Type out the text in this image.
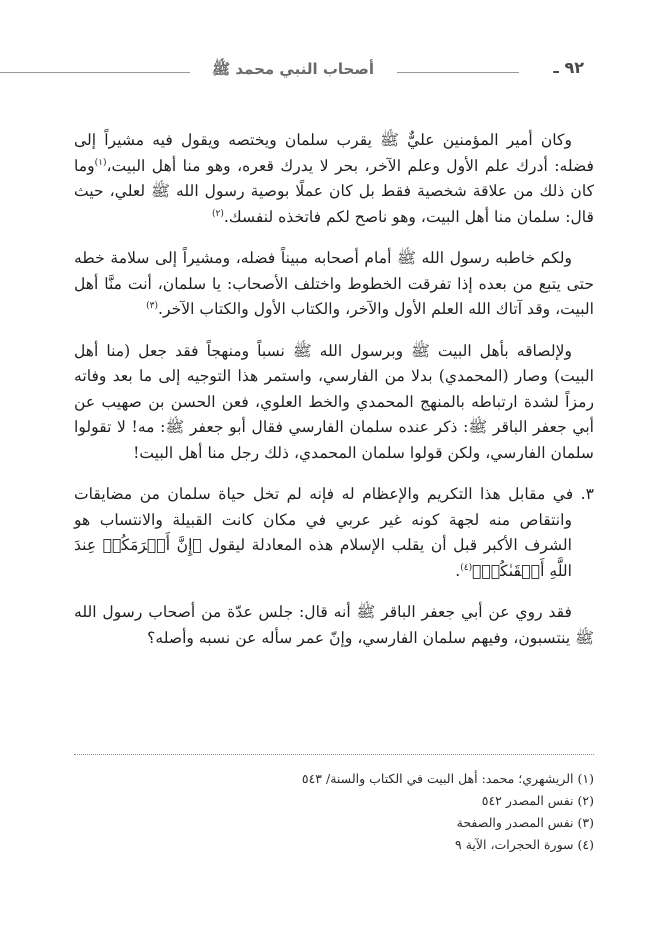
أصحاب النبي محمد ﷺ	٩٢ ـ

وكان أمير المؤمنين عليٌّ ﷺ يقرب سلمان ويختصه ويقول فيه مشيراً إلى فضله: أدرك علم الأول وعلم الآخر، بحر لا يدرك قعره، وهو منا أهل البيت،$^{(١)}$وما كان ذلك من علاقة شخصية فقط بل كان عملًا بوصية رسول الله ﷺ لعلي، حيث قال: سلمان منا أهل البيت، وهو ناصح لكم فاتخذه لنفسك.$^{(٢)}$

ولكم خاطبه رسول الله ﷺ أمام أصحابه مبيناً فضله، ومشيراً إلى سلامة خطه حتى يتبع من بعده إذا تفرقت الخطوط واختلف الأصحاب: يا سلمان، أنت منَّا أهل البيت، وقد آتاك الله العلم الأول والآخر، والكتاب الأول والكتاب الآخر.$^{(٣)}$

ولإلصاقه بأهل البيت ﷺ وبرسول الله ﷺ نسباً ومنهجاً فقد جعل (منا أهل البيت) وصار (المحمدي) بدلا من الفارسي، واستمر هذا التوجيه إلى ما بعد وفاته رمزاً لشدة ارتباطه بالمنهج المحمدي والخط العلوي، فعن الحسن بن صهيب عن أبي جعفر الباقر ﷺ: ذكر عنده سلمان الفارسي فقال أبو جعفر ﷺ: مه! لا تقولوا سلمان الفارسي، ولكن قولوا سلمان المحمدي، ذلك رجل منا أهل البيت!

٣. في مقابل هذا التكريم والإعظام له فإنه لم تخل حياة سلمان من مضايقات وانتقاص منه لجهة كونه غير عربي في مكان كانت القبيلة والانتساب هو الشرف الأكبر قبل أن يقلب الإسلام هذه المعادلة ليقول ﴿إِنَّ أَكۡرَمَكُمۡ عِندَ اللَّهِ أَتۡقَىٰكُمۡ﴾$^{(٤)}$.

فقد روي عن أبي جعفر الباقر ﷺ أنه قال: جلس عدّة من أصحاب رسول الله ﷺ ينتسبون، وفيهم سلمان الفارسي، وإنّ عمر سأله عن نسبه وأصله؟

(١) الريشهري؛ محمد: أهل البيت في الكتاب والسنة/ ٥٤٣
(٢) نفس المصدر ٥٤٢
(٣) نفس المصدر والصفحة
(٤) سورة الحجرات، الآية ٩
